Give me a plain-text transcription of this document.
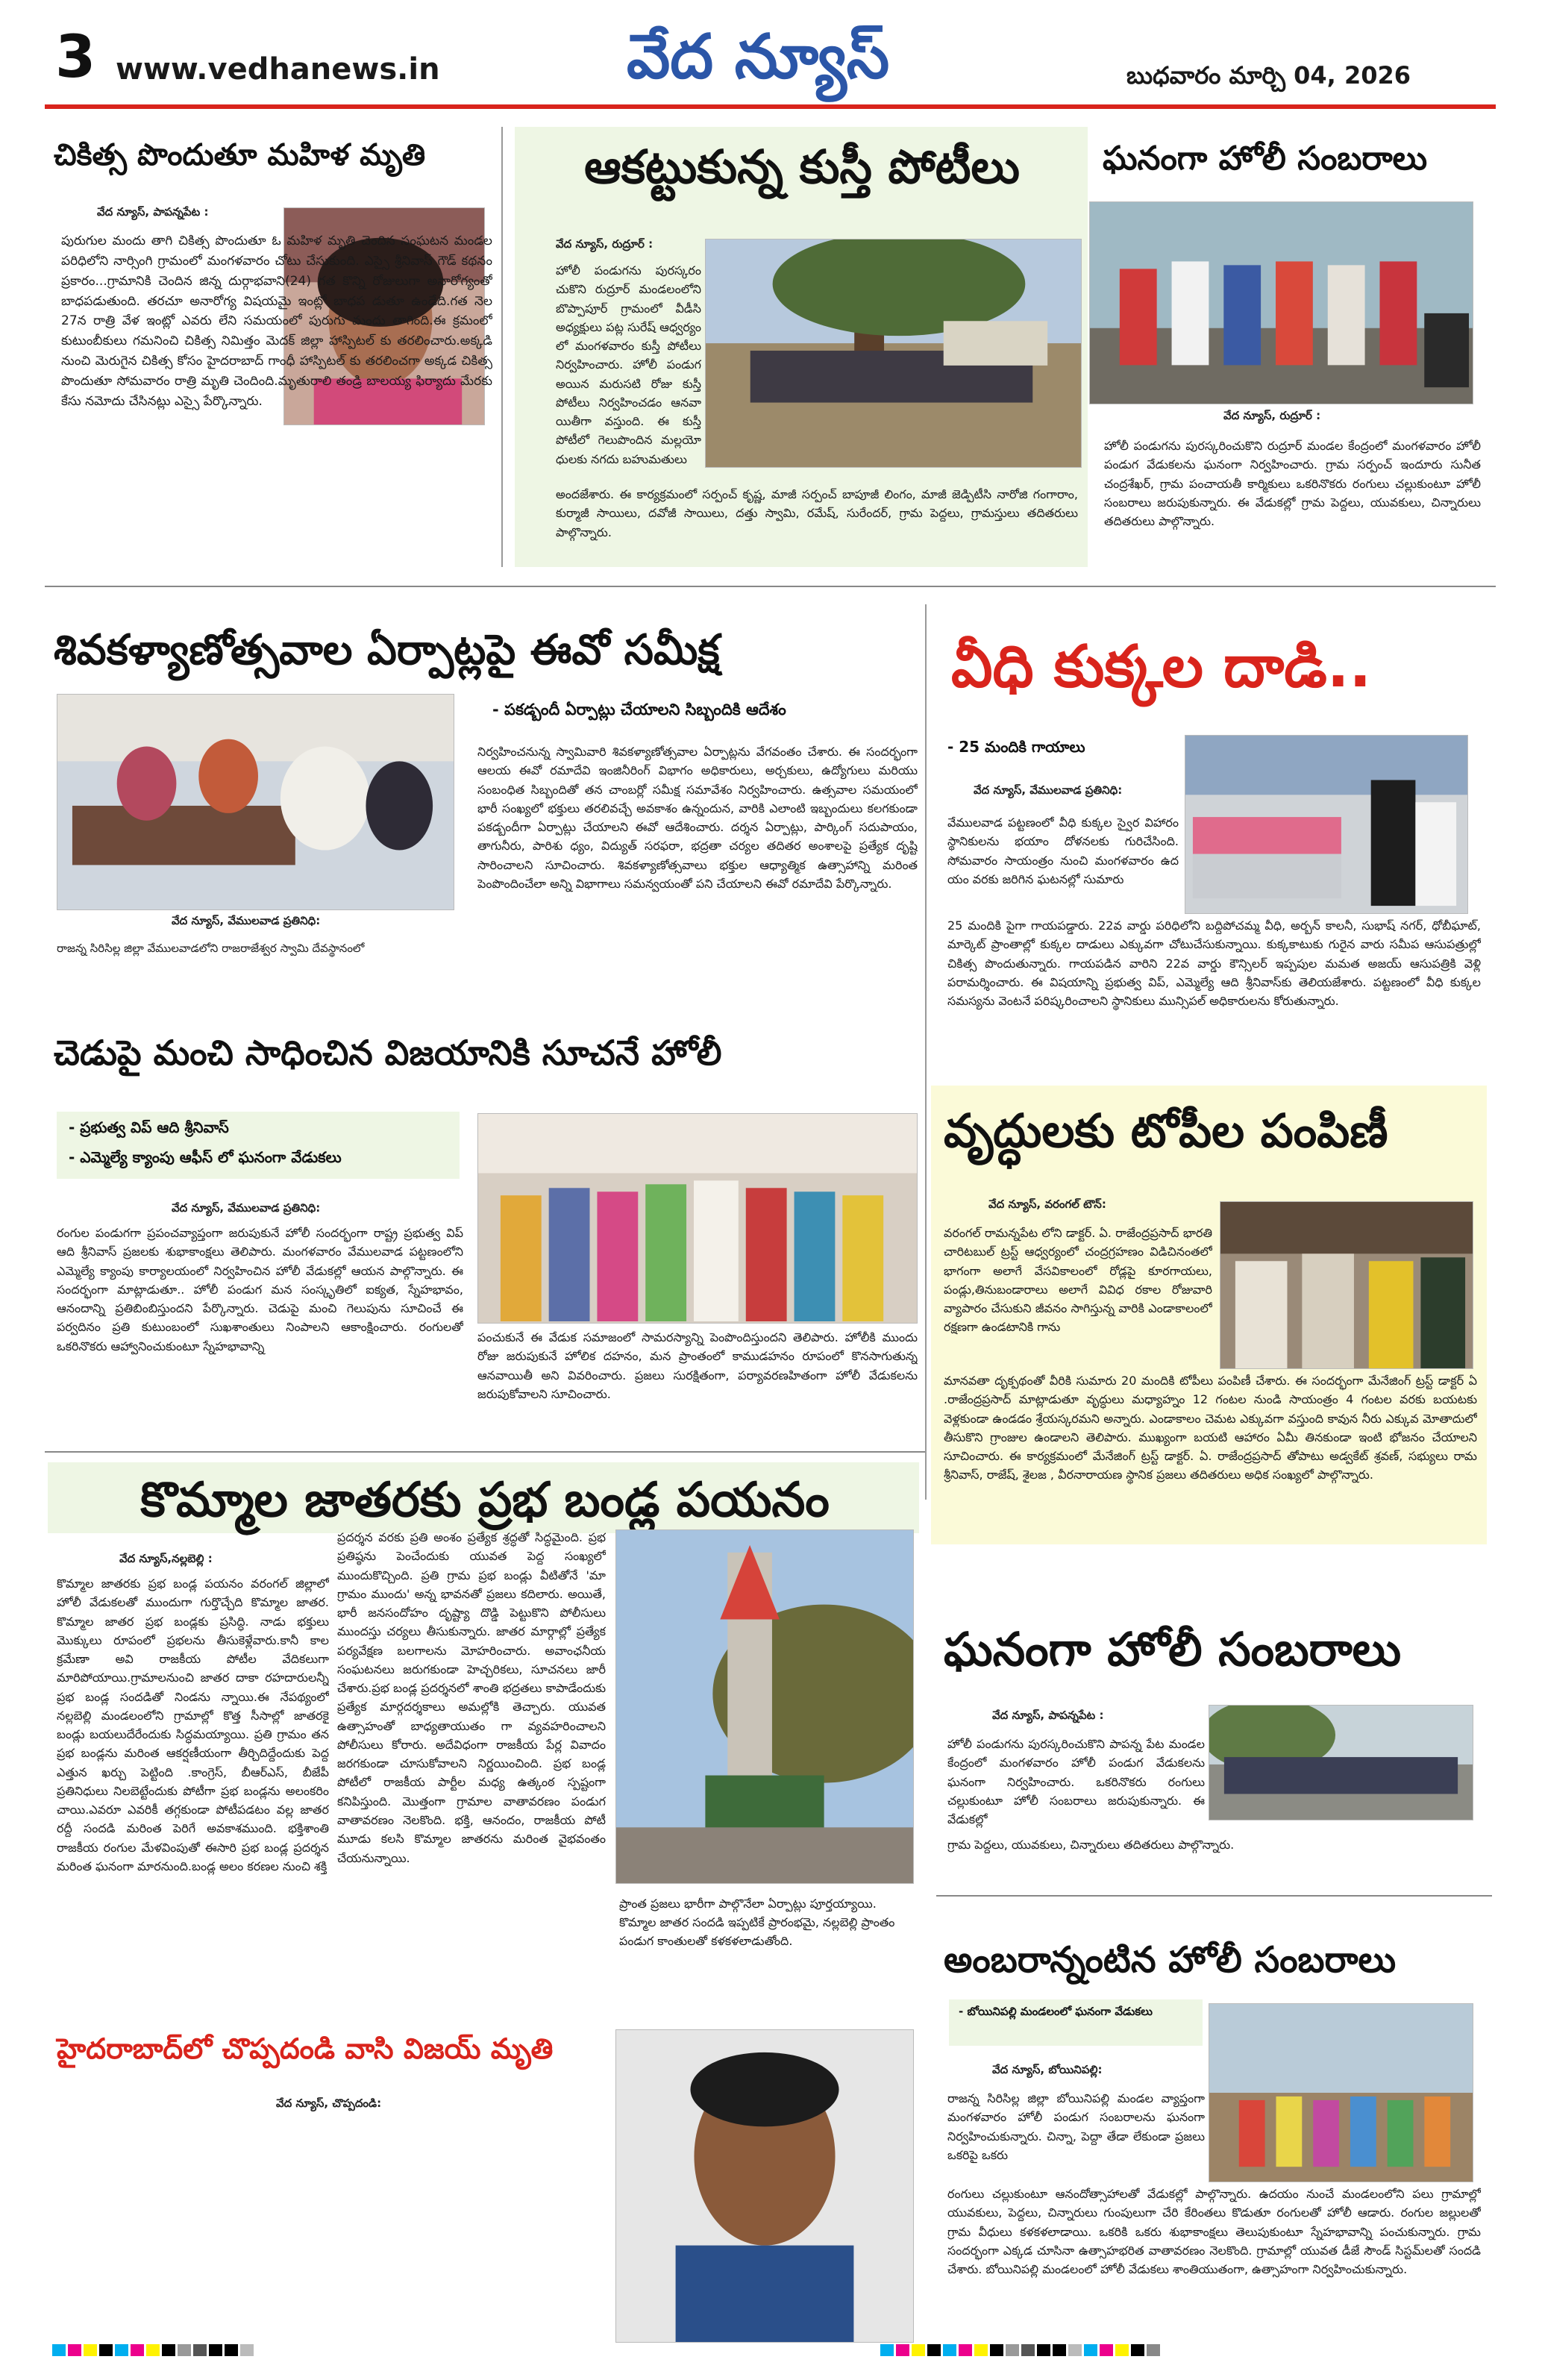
3 www.vedhanews.in	వేద న్యూస్	బుధవారం మార్చి 04, 2026
చికిత్స పొందుతూ మహిళ మృతి
వేద న్యూస్, పాపన్నపేట :
పురుగుల మందు తాగి చికిత్స పొందుతూ ఓ మహిళ మృతి చెందిన సంఘటన మండల పరిధిలోని నార్సింగి గ్రామంలో మంగళవారం చోటు చేసుకుంది. ఎస్సై శ్రీనివాస్ గౌడ్ కథనం ప్రకారం...గ్రామానికి చెందిన జిన్న దుర్గాభవాని(24) గత కొన్ని రోజులుగా అనారోగ్యంతో బాధపడుతుంది. తరచూ అనారోగ్య విషయమై ఇంట్లో బాధప డుతూ ఉండేది.గత నెల 27న రాత్రి వేళ ఇంట్లో ఎవరు లేని సమయంలో పురుగు మందు తాగింది.ఈ క్రమంలో కుటుంబీకులు గమనించి చికిత్స నిమిత్తం మెదక్ జిల్లా హాస్పిటల్ కు తరలించారు.అక్కడి నుంచి మెరుగైన చికిత్స కోసం హైదరాబాద్ గాంధీ హాస్పిటల్ కు తరలించగా అక్కడ చికిత్స పొందుతూ సోమవారం రాత్రి మృతి చెందింది.మృతురాలి తండ్రి బాలయ్య ఫిర్యాదు మేరకు కేసు నమోదు చేసినట్లు ఎస్సై పేర్కొన్నారు.
ఆకట్టుకున్న కుస్తీ పోటీలు
వేద న్యూస్, రుద్రూర్ :
హోలీ పండుగను పురస్కరం చుకొని రుద్రూర్ మండలంలోని బొప్పాపూర్ గ్రామంలో వీడీసి అధ్యక్షులు పట్ల సురేష్ ఆధ్వర్యం లో మంగళవారం కుస్తీ పోటీలు నిర్వహించారు. హోలీ పండుగ అయిన మరుసటి రోజు కుస్తీ పోటీలు నిర్వహించడం ఆనవా యితీగా వస్తుంది. ఈ కుస్తీ పోటీలో గెలుపొందిన మల్లయో ధులకు నగదు బహుమతులు
అందజేశారు. ఈ కార్యక్రమంలో సర్పంచ్ కృష్ణ, మాజీ సర్పంచ్ బాపూజీ లింగం, మాజీ జెడ్పిటీసి నారోజి గంగారాం, కుర్మాజీ సాయిలు, దవోజీ సాయిలు, దత్తు స్వామి, రమేష్, సురేందర్, గ్రామ పెద్దలు, గ్రామస్తులు తదితరులు పాల్గొన్నారు.
ఘనంగా హోలీ సంబరాలు
వేద న్యూస్, రుద్రూర్ :
హోలీ పండుగను పురస్కరించుకొని రుద్రూర్ మండల కేంద్రంలో మంగళవారం హోలీ పండుగ వేడుకలను ఘనంగా నిర్వహించారు. గ్రామ సర్పంచ్ ఇందూరు సునీత చంద్రశేఖర్, గ్రామ పంచాయతీ కార్మికులు ఒకరినొకరు రంగులు చల్లుకుంటూ హోలీ సంబరాలు జరుపుకున్నారు. ఈ వేడుకల్లో గ్రామ పెద్దలు, యువకులు, చిన్నారులు తదితరులు పాల్గొన్నారు.
శివకళ్యాణోత్సవాల ఏర్పాట్లపై ఈవో సమీక్ష
వేద న్యూస్, వేములవాడ ప్రతినిధి:
రాజన్న సిరిసిల్ల జిల్లా వేములవాడలోని రాజరాజేశ్వర స్వామి దేవస్థానంలో
- పకడ్బందీ ఏర్పాట్లు చేయాలని సిబ్బందికి ఆదేశం
నిర్వహించనున్న స్వామివారి శివకళ్యాణోత్సవాల ఏర్పాట్లను వేగవంతం చేశారు. ఈ సందర్భంగా ఆలయ ఈవో రమాదేవి ఇంజినీరింగ్ విభాగం అధికారులు, అర్చకులు, ఉద్యోగులు మరియు సంబంధిత సిబ్బందితో తన చాంబర్లో సమీక్ష సమావేశం నిర్వహించారు. ఉత్సవాల సమయంలో భారీ సంఖ్యలో భక్తులు తరలివచ్చే అవకాశం ఉన్నందున, వారికి ఎలాంటి ఇబ్బందులు కలగకుండా పకడ్బందీగా ఏర్పాట్లు చేయాలని ఈవో ఆదేశించారు. దర్శన ఏర్పాట్లు, పార్కింగ్ సదుపాయం, తాగునీరు, పారిశు ధ్యం, విద్యుత్ సరఫరా, భద్రతా చర్యల తదితర అంశాలపై ప్రత్యేక దృష్టి సారించాలని సూచించారు. శివకళ్యాణోత్సవాలు భక్తుల ఆధ్యాత్మిక ఉత్సాహాన్ని మరింత పెంపొందించేలా అన్ని విభాగాలు సమన్వయంతో పని చేయాలని ఈవో రమాదేవి పేర్కొన్నారు.
వీధి కుక్కల దాడి..
- 25 మందికి గాయాలు
వేద న్యూస్, వేములవాడ ప్రతినిధి:
వేములవాడ పట్టణంలో వీధి కుక్కల స్వైర విహారం స్థానికులను భయాం దోళనలకు గురిచేసింది. సోమవారం సాయంత్రం నుంచి మంగళవారం ఉద యం వరకు జరిగిన ఘటనల్లో సుమారు
25 మందికి పైగా గాయపడ్డారు. 22వ వార్డు పరిధిలోని బద్దిపోచమ్మ వీధి, అర్బన్ కాలనీ, సుభాష్ నగర్, ధోబీఘాట్, మార్కెట్ ప్రాంతాల్లో కుక్కల దాడులు ఎక్కువగా చోటుచేసుకున్నాయి. కుక్కకాటుకు గురైన వారు సమీప ఆసుపత్రుల్లో చికిత్స పొందుతున్నారు. గాయపడిన వారిని 22వ వార్డు కౌన్సిలర్ ఇప్పపుల మమత అజయ్ ఆసుపత్రికి వెళ్లి పరామర్శించారు. ఈ విషయాన్ని ప్రభుత్వ విప్, ఎమ్మెల్యే ఆది శ్రీనివాస్‌కు తెలియజేశారు. పట్టణంలో వీధి కుక్కల సమస్యను వెంటనే పరిష్కరించాలని స్థానికులు మున్సిపల్ అధికారులను కోరుతున్నారు.
చెడుపై మంచి సాధించిన విజయానికి సూచనే హోలీ
- ప్రభుత్వ విప్ ఆది శ్రీనివాస్
- ఎమ్మెల్యే క్యాంపు ఆఫీస్ లో ఘనంగా వేడుకలు
వేద న్యూస్, వేములవాడ ప్రతినిధి:
రంగుల పండుగగా ప్రపంచవ్యాప్తంగా జరుపుకునే హోలీ సందర్భంగా రాష్ట్ర ప్రభుత్వ విప్ ఆది శ్రీనివాస్ ప్రజలకు శుభాకాంక్షలు తెలిపారు. మంగళవారం వేములవాడ పట్టణంలోని ఎమ్మెల్యే క్యాంపు కార్యాలయంలో నిర్వహించిన హోలీ వేడుకల్లో ఆయన పాల్గొన్నారు. ఈ సందర్భంగా మాట్లాడుతూ.. హోలీ పండుగ మన సంస్కృతిలో ఐక్యత, స్నేహభావం, ఆనందాన్ని ప్రతిబింబిస్తుందని పేర్కొన్నారు. చెడుపై మంచి గెలుపును సూచించే ఈ పర్వదినం ప్రతి కుటుంబంలో సుఖశాంతులు నింపాలని ఆకాంక్షించారు. రంగులతో ఒకరినొకరు ఆహ్వానించుకుంటూ స్నేహభావాన్ని
పంచుకునే ఈ వేడుక సమాజంలో సామరస్యాన్ని పెంపొందిస్తుందని తెలిపారు. హోలీకి ముందు రోజు జరుపుకునే హోలిక దహనం, మన ప్రాంతంలో కాముడహనం రూపంలో కొనసాగుతున్న ఆనవాయితీ అని వివరించారు. ప్రజలు సురక్షితంగా, పర్యావరణహితంగా హోలీ వేడుకలను జరుపుకోవాలని సూచించారు.
వృద్ధులకు టోపీల పంపిణీ
వేద న్యూస్, వరంగల్ టౌన్:
వరంగల్ రామన్నపేట లోని డాక్టర్. ఏ. రాజేంద్రప్రసాద్ భారతి చారిటబుల్ ట్రస్ట్ ఆధ్వర్యంలో చంద్రగ్రహణం విడిచినంతలో భాగంగా అలాగే వేసవికాలంలో రోడ్లపై కూరగాయలు, పండ్లు,తినుబండారాలు అలాగే వివిధ రకాల రోజువారి వ్యాపారం చేసుకుని జీవనం సాగిస్తున్న వారికి ఎండాకాలంలో రక్షణగా ఉండటానికి గాను
మానవతా దృక్పథంతో వీరికి సుమారు 20 మందికి టోపీలు పంపిణీ చేశారు. ఈ సందర్భంగా మేనేజింగ్ ట్రస్ట్ డాక్టర్ ఏ .రాజేంద్రప్రసాద్ మాట్లాడుతూ వృద్ధులు మధ్యాహ్నం 12 గంటల నుండి సాయంత్రం 4 గంటల వరకు బయటకు వెళ్లకుండా ఉండడం శ్రేయస్కరమని అన్నారు. ఎండాకాలం చెమట ఎక్కువగా వస్తుంది కావున నీరు ఎక్కువ మోతాదులో తీసుకొని గ్రాంజుల ఉండాలని తెలిపారు. ముఖ్యంగా బయటి ఆహారం ఏమీ తినకుండా ఇంటి భోజనం చేయాలని సూచించారు. ఈ కార్యక్రమంలో మేనేజింగ్ ట్రస్ట్ డాక్టర్. ఏ. రాజేంద్రప్రసాద్ తోపాటు అడ్వకేట్ శ్రవణ్, సభ్యులు రామ శ్రీనివాస్, రాజేష్, శైలజ , వీరనారాయణ స్థానిక ప్రజలు తదితరులు అధిక సంఖ్యలో పాల్గొన్నారు.
కొమ్మాల జాతరకు ప్రభ బండ్ల పయనం
వేద న్యూస్,నల్లబెల్లి :
కొమ్మాల జాతరకు ప్రభ బండ్ల పయనం వరంగల్ జిల్లాలో హోలీ వేడుకలతో ముందుగా గుర్తొచ్చేది కొమ్మాల జాతర. కొమ్మాల జాతర ప్రభ బండ్లకు ప్రసిద్ధి. నాడు భక్తులు మొక్కులు రూపంలో ప్రభలను తీసుకెళ్లేవారు.కానీ కాల క్రమేణా అవి రాజకీయ పోటీల వేదికలుగా మారిపోయాయి.గ్రామాలనుంచి జాతర దాకా రహదారులన్నీ ప్రభ బండ్ల సందడితో నిండను న్నాయి.ఈ నేపథ్యంలో నల్లబెల్లి మండలంలోని గ్రామాల్లో కొత్త సీసాల్లో జాతరకై బండ్లు బయలుదేరేందుకు సిద్ధమయ్యాయి. ప్రతి గ్రామం తన ప్రభ బండ్లను మరింత ఆకర్షణీయంగా తీర్చిదిద్దేందుకు పెద్ద ఎత్తున ఖర్చు పెట్టింది .కాంగ్రెస్, బీఆర్ఎస్, బీజేపీ ప్రతినిధులు నిలబెట్టేందుకు పోటీగా ప్రభ బండ్లను అలంకరిం చాయి.ఎవరూ ఎవరికీ తగ్గకుండా పోటీపడటం వల్ల జాతర రద్దీ సందడి మరింత పెరిగే అవకాశముంది. భక్తిశాంతి రాజకీయ రంగుల మేళవింపుతో ఈసారి ప్రభ బండ్ల ప్రదర్శన మరింత ఘనంగా మారనుంది.బండ్ల అలం కరణల నుంచి శక్తి
ప్రదర్శన వరకు ప్రతి అంశం ప్రత్యేక శ్రద్ధతో సిద్ధమైంది. ప్రభ ప్రతిష్ఠను పెంచేందుకు యువత పెద్ద సంఖ్యలో ముందుకొచ్చింది. ప్రతి గ్రామ ప్రభ బండ్లు వీటితోనే 'మా గ్రామం ముందు' అన్న భావనతో ప్రజలు కదిలారు. అయితే, భారీ జనసందోహం దృష్ట్యా దొడ్డి పెట్టుకొని పోలీసులు ముందస్తు చర్యలు తీసుకున్నారు. జాతర మార్గాల్లో ప్రత్యేక పర్యవేక్షణ బలగాలను మోహరించారు. అవాంఛనీయ సంఘటనలు జరుగకుండా హెచ్చరికలు, సూచనలు జారీ చేశారు.ప్రభ బండ్ల ప్రదర్శనలో శాంతి భద్రతలు కాపాడేందుకు ప్రత్యేక మార్గదర్శకాలు అమల్లోకి తెచ్చారు. యువత ఉత్సాహంతో బాధ్యతాయుతం గా వ్యవహరించాలని పోలీసులు కోరారు. అదేవిధంగా రాజకీయ పేర్ల వివాదం జరగకుండా చూసుకోవాలని నిర్ణయించింది. ప్రభ బండ్ల పోటీలో రాజకీయ పార్టీల మధ్య ఉత్కంఠ స్పష్టంగా కనిపిస్తుంది. మొత్తంగా గ్రామాల వాతావరణం పండుగ వాతావరణం నెలకొంది. భక్తి, ఆనందం, రాజకీయ పోటీ మూడు కలసి కొమ్మాల జాతరను మరింత వైభవంతం చేయనున్నాయి.
ప్రాంత ప్రజలు భారీగా పాల్గొనేలా ఏర్పాట్లు పూర్తయ్యాయి. కొమ్మాల జాతర సందడి ఇప్పటికే ప్రారంభమై, నల్లబెల్లి ప్రాంతం పండుగ కాంతులతో కళకళలాడుతోంది.
హైదరాబాద్‌లో చొప్పదండి వాసి విజయ్ మృతి
వేద న్యూస్, చొప్పదండి:
ఘనంగా హోలీ సంబరాలు
వేద న్యూస్, పాపన్నపేట :
హోలీ పండుగను పురస్కరించుకొని పాపన్న పేట మండల కేంద్రంలో మంగళవారం హోలీ పండుగ వేడుకలను ఘనంగా నిర్వహించారు. ఒకరినొకరు రంగులు చల్లుకుంటూ హోలీ సంబరాలు జరుపుకున్నారు. ఈ వేడుకల్లో
గ్రామ పెద్దలు, యువకులు, చిన్నారులు తదితరులు పాల్గొన్నారు.
అంబరాన్నంటిన హోలీ సంబరాలు
- బోయినిపల్లి మండలంలో ఘనంగా వేడుకలు
వేద న్యూస్, బోయినిపల్లి:
రాజన్న సిరిసిల్ల జిల్లా బోయినిపల్లి మండల వ్యాప్తంగా మంగళవారం హోలీ పండుగ సంబరాలను ఘనంగా నిర్వహించుకున్నారు. చిన్నా, పెద్దా తేడా లేకుండా ప్రజలు ఒకరిపై ఒకరు
రంగులు చల్లుకుంటూ ఆనందోత్సాహాలతో వేడుకల్లో పాల్గొన్నారు. ఉదయం నుంచే మండలంలోని పలు గ్రామాల్లో యువకులు, పెద్దలు, చిన్నారులు గుంపులుగా చేరి కేరింతలు కొడుతూ రంగులతో హోలీ ఆడారు. రంగుల జల్లులతో గ్రామ వీధులు కళకళలాడాయి. ఒకరికి ఒకరు శుభాకాంక్షలు తెలుపుకుంటూ స్నేహభావాన్ని పంచుకున్నారు. గ్రామ సందర్భంగా ఎక్కడ చూసినా ఉత్సాహభరిత వాతావరణం నెలకొంది. గ్రామాల్లో యువత డీజే సౌండ్ సిస్టమ్‌లతో సందడి చేశారు. బోయినిపల్లి మండలంలో హోలీ వేడుకలు శాంతియుతంగా, ఉత్సాహంగా నిర్వహించుకున్నారు.
